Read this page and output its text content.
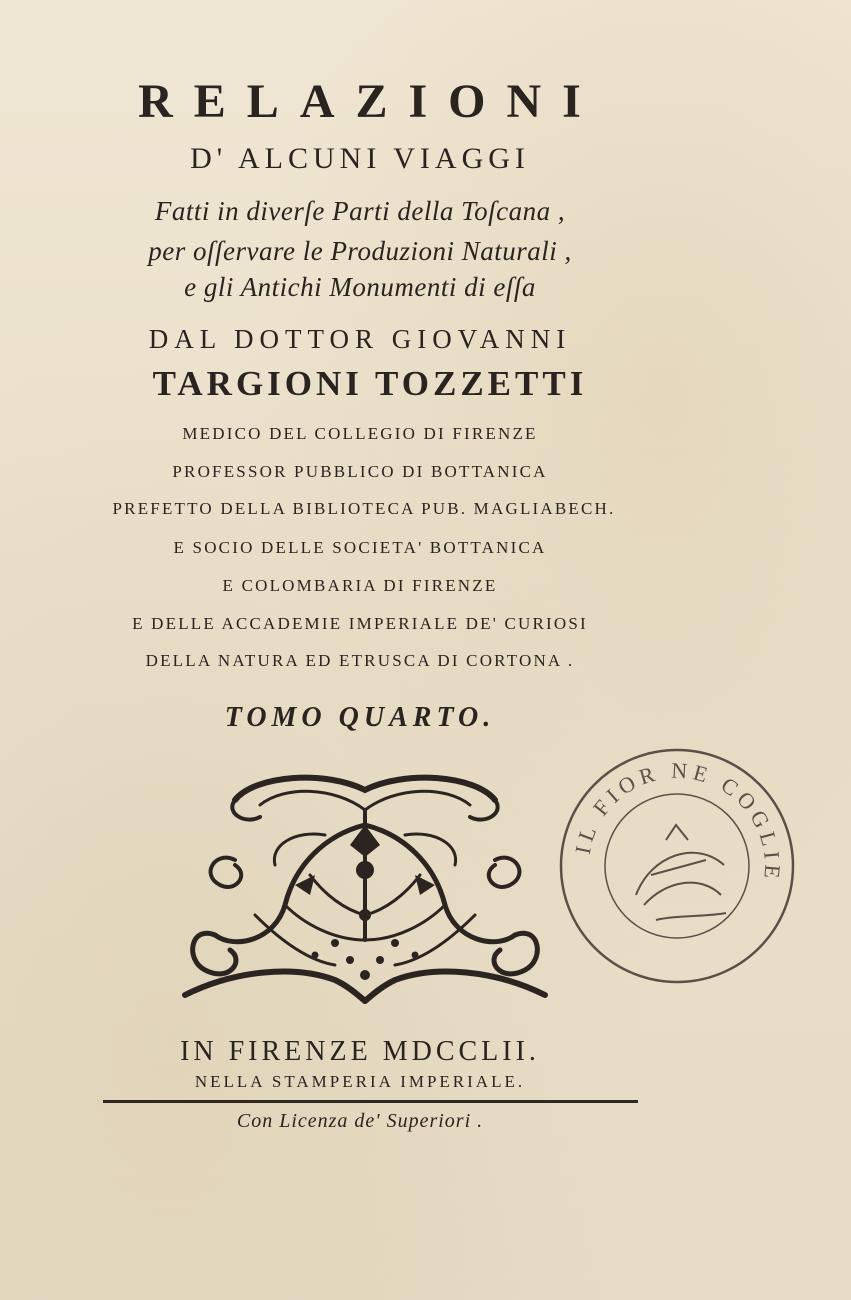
RELAZIONI
D' ALCUNI VIAGGI
Fatti in diverſe Parti della Toſcana ,
per oſſervare le Produzioni Naturali ,
e gli Antichi Monumenti di eſſa
DAL DOTTOR GIOVANNI
TARGIONI TOZZETTI
MEDICO DEL COLLEGIO DI FIRENZE
PROFESSOR PUBBLICO DI BOTTANICA
PREFETTO DELLA BIBLIOTECA PUB. MAGLIABECH.
E SOCIO DELLE SOCIETA' BOTTANICA
E COLOMBARIA DI FIRENZE
E DELLE ACCADEMIE IMPERIALE DE' CURIOSI
DELLA NATURA ED ETRUSCA DI CORTONA .
TOMO QUARTO.
IL FIOR NE COGLIE
IN FIRENZE MDCCLII.
NELLA STAMPERIA IMPERIALE.
Con Licenza de' Superiori .
